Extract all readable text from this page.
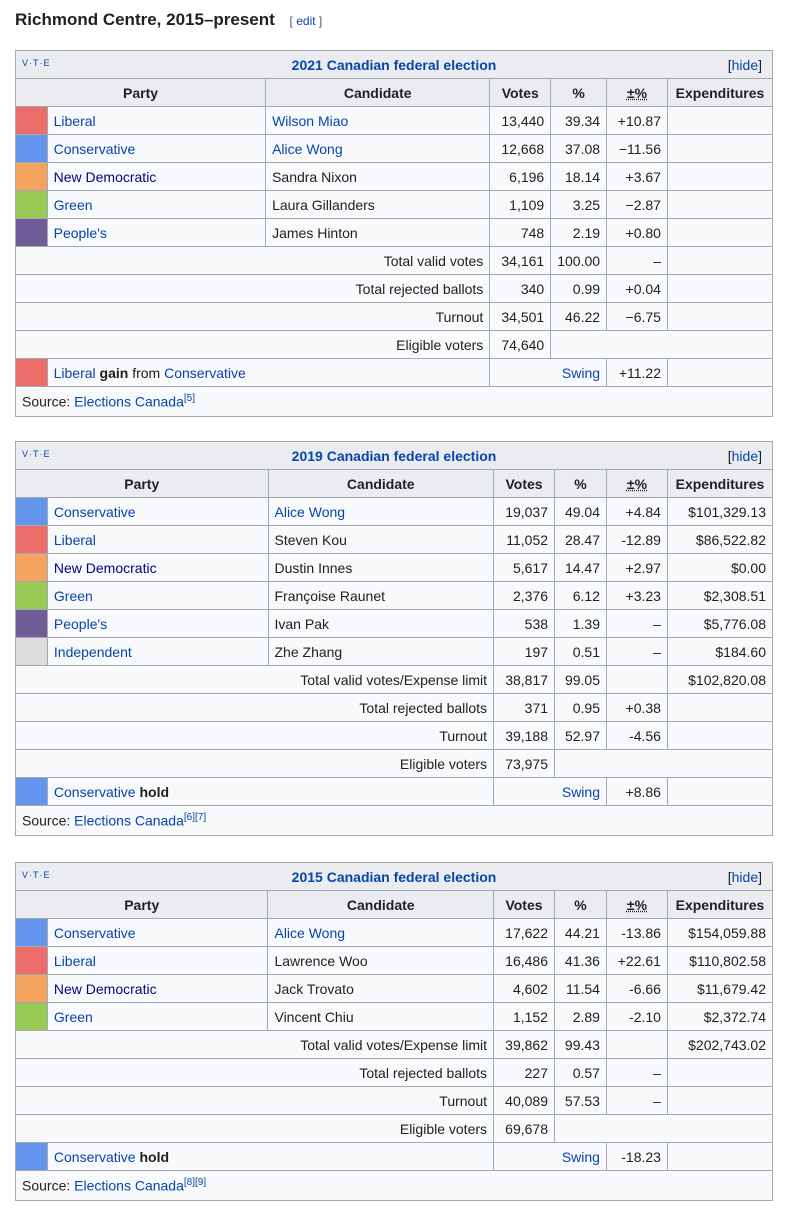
Richmond Centre, 2015–present [ edit ]
V·T·E 2021 Canadian federal election [hide]						

Party		Candidate	Votes	%	±%	Expenditures
	Liberal	Wilson Miao	13,440	39.34	+10.87	
	Conservative	Alice Wong	12,668	37.08	−11.56	
	New Democratic	Sandra Nixon	6,196	18.14	+3.67	
	Green	Laura Gillanders	1,109	3.25	−2.87	
	People's	James Hinton	748	2.19	+0.80	
Total valid votes			34,161	100.00	–	
Total rejected ballots			340	0.99	+0.04	
Turnout			34,501	46.22	−6.75	
Eligible voters			74,640			
	Liberal gain from Conservative		Swing		+11.22	
Source: Elections Canada[5]
V·T·E 2019 Canadian federal election [hide]						

Party		Candidate	Votes	%	±%	Expenditures
	Conservative	Alice Wong	19,037	49.04	+4.84	$101,329.13
	Liberal	Steven Kou	11,052	28.47	-12.89	$86,522.82
	New Democratic	Dustin Innes	5,617	14.47	+2.97	$0.00
	Green	Françoise Raunet	2,376	6.12	+3.23	$2,308.51
	People's	Ivan Pak	538	1.39	–	$5,776.08
	Independent	Zhe Zhang	197	0.51	–	$184.60
Total valid votes/Expense limit			38,817	99.05		$102,820.08
Total rejected ballots			371	0.95	+0.38	
Turnout			39,188	52.97	-4.56	
Eligible voters			73,975			
	Conservative hold		Swing		+8.86	
Source: Elections Canada[6][7]
V·T·E 2015 Canadian federal election [hide]						

Party		Candidate	Votes	%	±%	Expenditures
	Conservative	Alice Wong	17,622	44.21	-13.86	$154,059.88
	Liberal	Lawrence Woo	16,486	41.36	+22.61	$110,802.58
	New Democratic	Jack Trovato	4,602	11.54	-6.66	$11,679.42
	Green	Vincent Chiu	1,152	2.89	-2.10	$2,372.74
Total valid votes/Expense limit			39,862	99.43		$202,743.02
Total rejected ballots			227	0.57	–	
Turnout			40,089	57.53	–	
Eligible voters			69,678			
	Conservative hold		Swing		-18.23	
Source: Elections Canada[8][9]
